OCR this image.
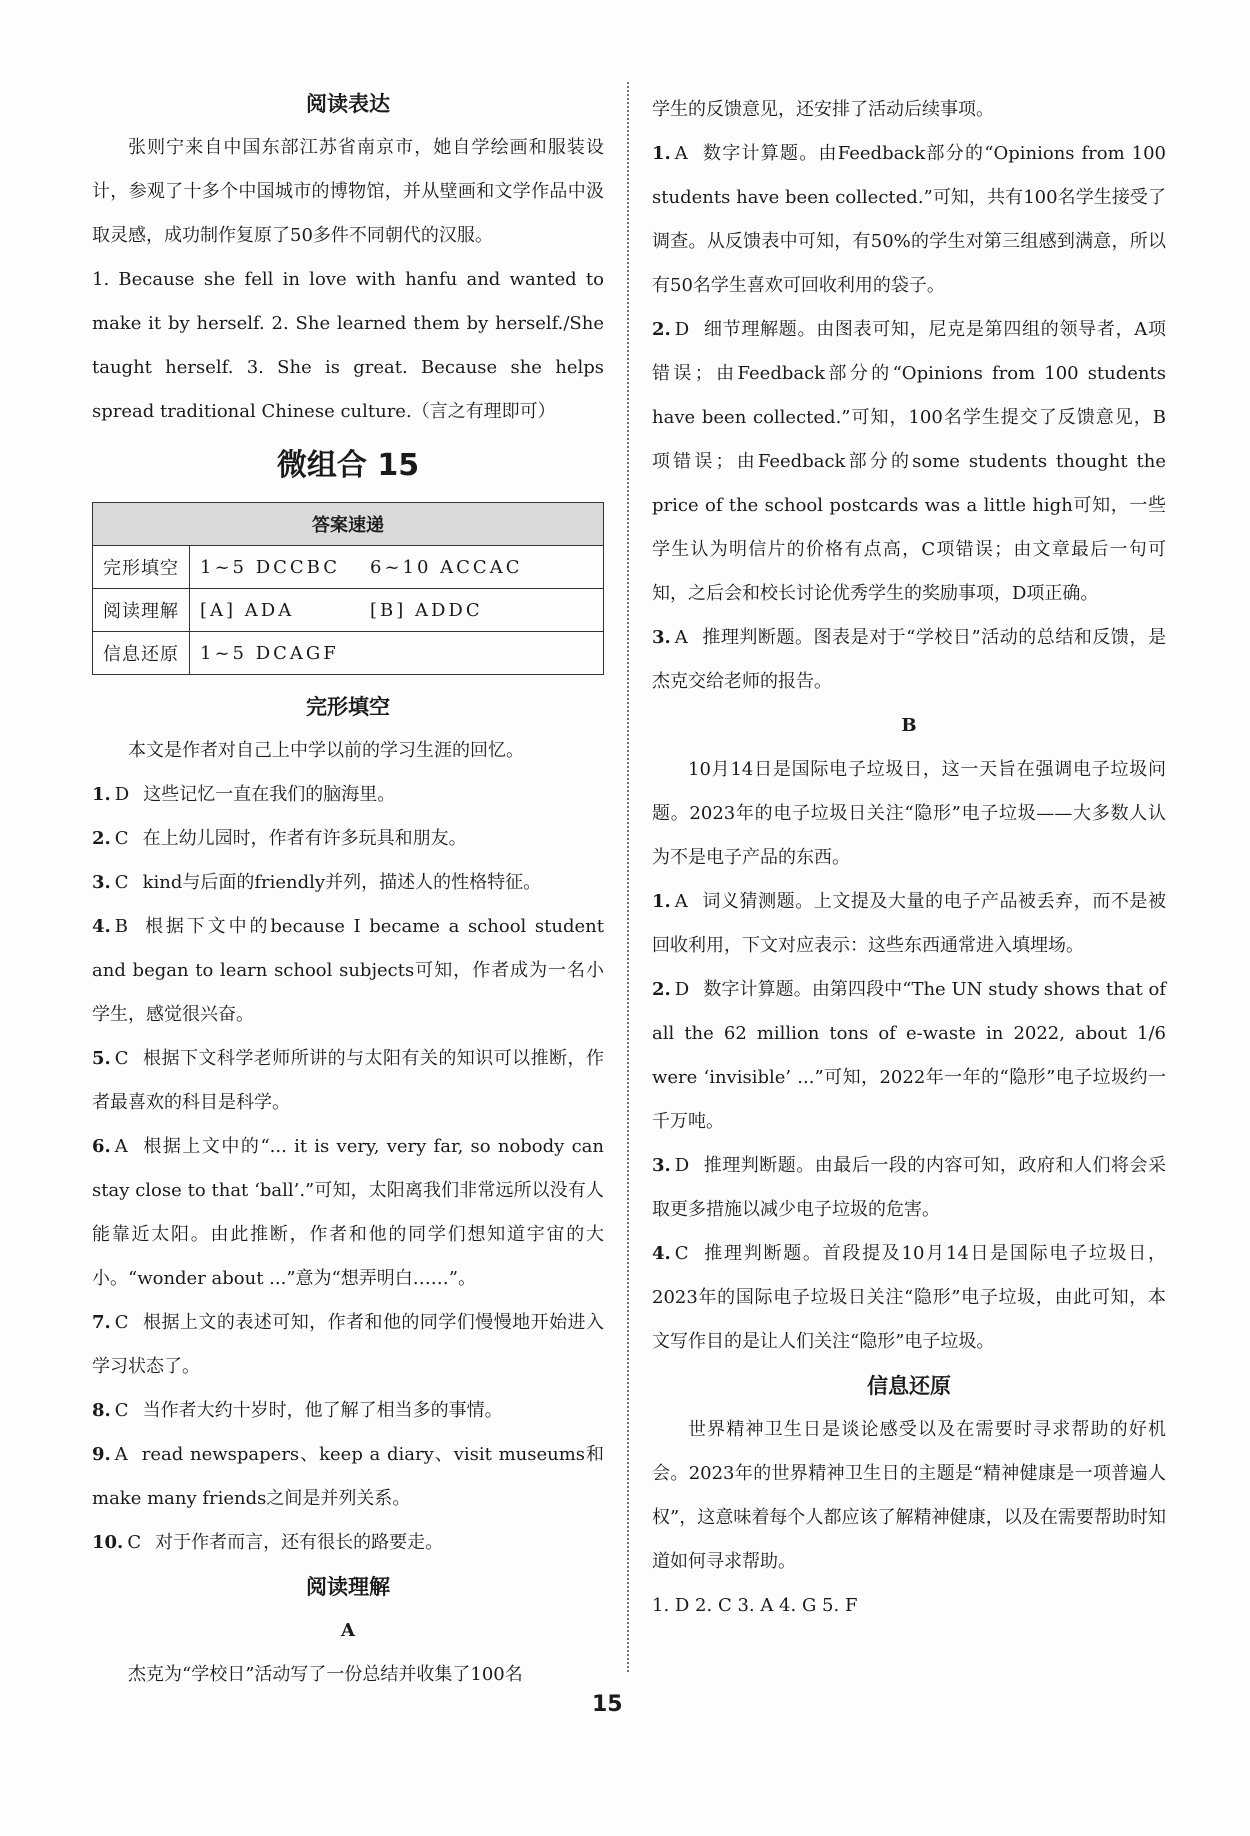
阅读表达

张则宁来自中国东部江苏省南京市，她自学绘画和服装设计，参观了十多个中国城市的博物馆，并从壁画和文学作品中汲取灵感，成功制作复原了50多件不同朝代的汉服。

1. Because she fell in love with hanfu and wanted to make it by herself. 2. She learned them by herself./She taught herself. 3. She is great. Because she helps spread traditional Chinese culture.（言之有理即可）

微组合 15

答案速递	
完形填空	1~5 DCCBC 6~10 ACCAC
阅读理解	[A] ADA [B] ADDC
信息还原	1~5 DCAGF

完形填空

本文是作者对自己上中学以前的学习生涯的回忆。

1. D 这些记忆一直在我们的脑海里。

2. C 在上幼儿园时，作者有许多玩具和朋友。

3. C kind与后面的friendly并列，描述人的性格特征。

4. B 根据下文中的because I became a school student and began to learn school subjects可知，作者成为一名小学生，感觉很兴奋。

5. C 根据下文科学老师所讲的与太阳有关的知识可以推断，作者最喜欢的科目是科学。

6. A 根据上文中的“... it is very, very far, so nobody can stay close to that ‘ball’.”可知，太阳离我们非常远所以没有人能靠近太阳。由此推断，作者和他的同学们想知道宇宙的大小。“wonder about ...”意为“想弄明白……”。

7. C 根据上文的表述可知，作者和他的同学们慢慢地开始进入学习状态了。

8. C 当作者大约十岁时，他了解了相当多的事情。

9. A read newspapers、keep a diary、visit museums和make many friends之间是并列关系。

10. C 对于作者而言，还有很长的路要走。

阅读理解

A

杰克为“学校日”活动写了一份总结并收集了100名

学生的反馈意见，还安排了活动后续事项。

1. A 数字计算题。由Feedback部分的“Opinions from 100 students have been collected.”可知，共有100名学生接受了调查。从反馈表中可知，有50%的学生对第三组感到满意，所以有50名学生喜欢可回收利用的袋子。

2. D 细节理解题。由图表可知，尼克是第四组的领导者，A项错误；由Feedback部分的“Opinions from 100 students have been collected.”可知，100名学生提交了反馈意见，B项错误；由Feedback部分的some students thought the price of the school postcards was a little high可知，一些学生认为明信片的价格有点高，C项错误；由文章最后一句可知，之后会和校长讨论优秀学生的奖励事项，D项正确。

3. A 推理判断题。图表是对于“学校日”活动的总结和反馈，是杰克交给老师的报告。

B

10月14日是国际电子垃圾日，这一天旨在强调电子垃圾问题。2023年的电子垃圾日关注“隐形”电子垃圾——大多数人认为不是电子产品的东西。

1. A 词义猜测题。上文提及大量的电子产品被丢弃，而不是被回收利用，下文对应表示：这些东西通常进入填埋场。

2. D 数字计算题。由第四段中“The UN study shows that of all the 62 million tons of e-waste in 2022, about 1/6 were ‘invisible’ ...”可知，2022年一年的“隐形”电子垃圾约一千万吨。

3. D 推理判断题。由最后一段的内容可知，政府和人们将会采取更多措施以减少电子垃圾的危害。

4. C 推理判断题。首段提及10月14日是国际电子垃圾日，2023年的国际电子垃圾日关注“隐形”电子垃圾，由此可知，本文写作目的是让人们关注“隐形”电子垃圾。

信息还原

世界精神卫生日是谈论感受以及在需要时寻求帮助的好机会。2023年的世界精神卫生日的主题是“精神健康是一项普遍人权”，这意味着每个人都应该了解精神健康，以及在需要帮助时知道如何寻求帮助。

1. D 2. C 3. A 4. G 5. F

15
